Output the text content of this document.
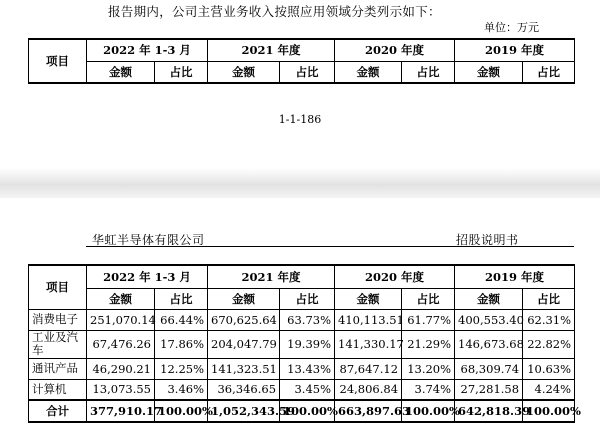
报告期内，公司主营业务收入按照应用领域分类列示如下：
单位：万元
项目	2022 年 1-3 月		2021 年度		2020 年度		2019 年度	
	金额	占比	金额	占比	金额	占比	金额	占比
1-1-186
华虹半导体有限公司	招股说明书
项目	2022 年 1-3 月		2021 年度		2020 年度		2019 年度	
	金额	占比	金额	占比	金额	占比	金额	占比
消费电子	251,070.14	66.44%	670,625.64	63.73%	410,113.51	61.77%	400,553.40	62.31%
工业及汽车	67,476.26	17.86%	204,047.79	19.39%	141,330.17	21.29%	146,673.68	22.82%
通讯产品	46,290.21	12.25%	141,323.51	13.43%	87,647.12	13.20%	68,309.74	10.63%
计算机	13,073.55	3.46%	36,346.65	3.45%	24,806.84	3.74%	27,281.58	4.24%
合计	377,910.17	100.00%	1,052,343.59	100.00%	663,897.63	100.00%	642,818.39	100.00%
